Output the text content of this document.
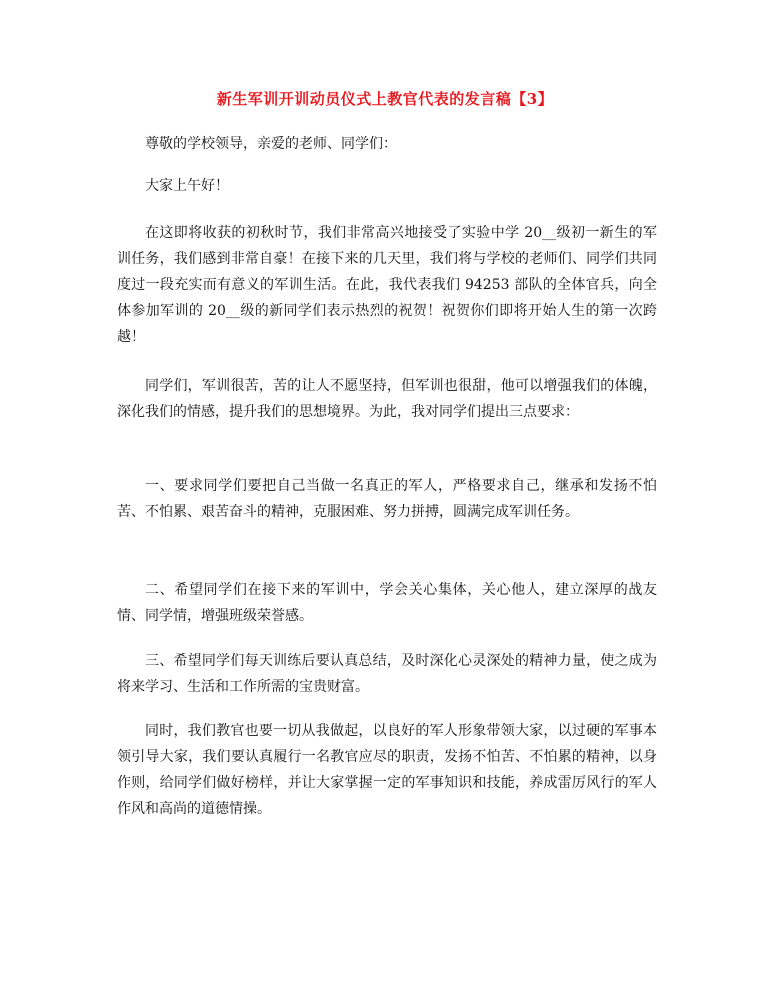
新生军训开训动员仪式上教官代表的发言稿【3】

尊敬的学校领导，亲爱的老师、同学们：

大家上午好！

在这即将收获的初秋时节，我们非常高兴地接受了实验中学 20__级初一新生的军训任务，我们感到非常自豪！在接下来的几天里，我们将与学校的老师们、同学们共同度过一段充实而有意义的军训生活。在此，我代表我们 94253 部队的全体官兵，向全体参加军训的 20__级的新同学们表示热烈的祝贺！祝贺你们即将开始人生的第一次跨越！

同学们，军训很苦，苦的让人不愿坚持，但军训也很甜，他可以增强我们的体魄，深化我们的情感，提升我们的思想境界。为此，我对同学们提出三点要求：

一、要求同学们要把自己当做一名真正的军人，严格要求自己，继承和发扬不怕苦、不怕累、艰苦奋斗的精神，克服困难、努力拼搏，圆满完成军训任务。

二、希望同学们在接下来的军训中，学会关心集体，关心他人，建立深厚的战友情、同学情，增强班级荣誉感。

三、希望同学们每天训练后要认真总结，及时深化心灵深处的精神力量，使之成为将来学习、生活和工作所需的宝贵财富。

同时，我们教官也要一切从我做起，以良好的军人形象带领大家，以过硬的军事本领引导大家，我们要认真履行一名教官应尽的职责，发扬不怕苦、不怕累的精神，以身作则，给同学们做好榜样，并让大家掌握一定的军事知识和技能，养成雷厉风行的军人作风和高尚的道德情操。
